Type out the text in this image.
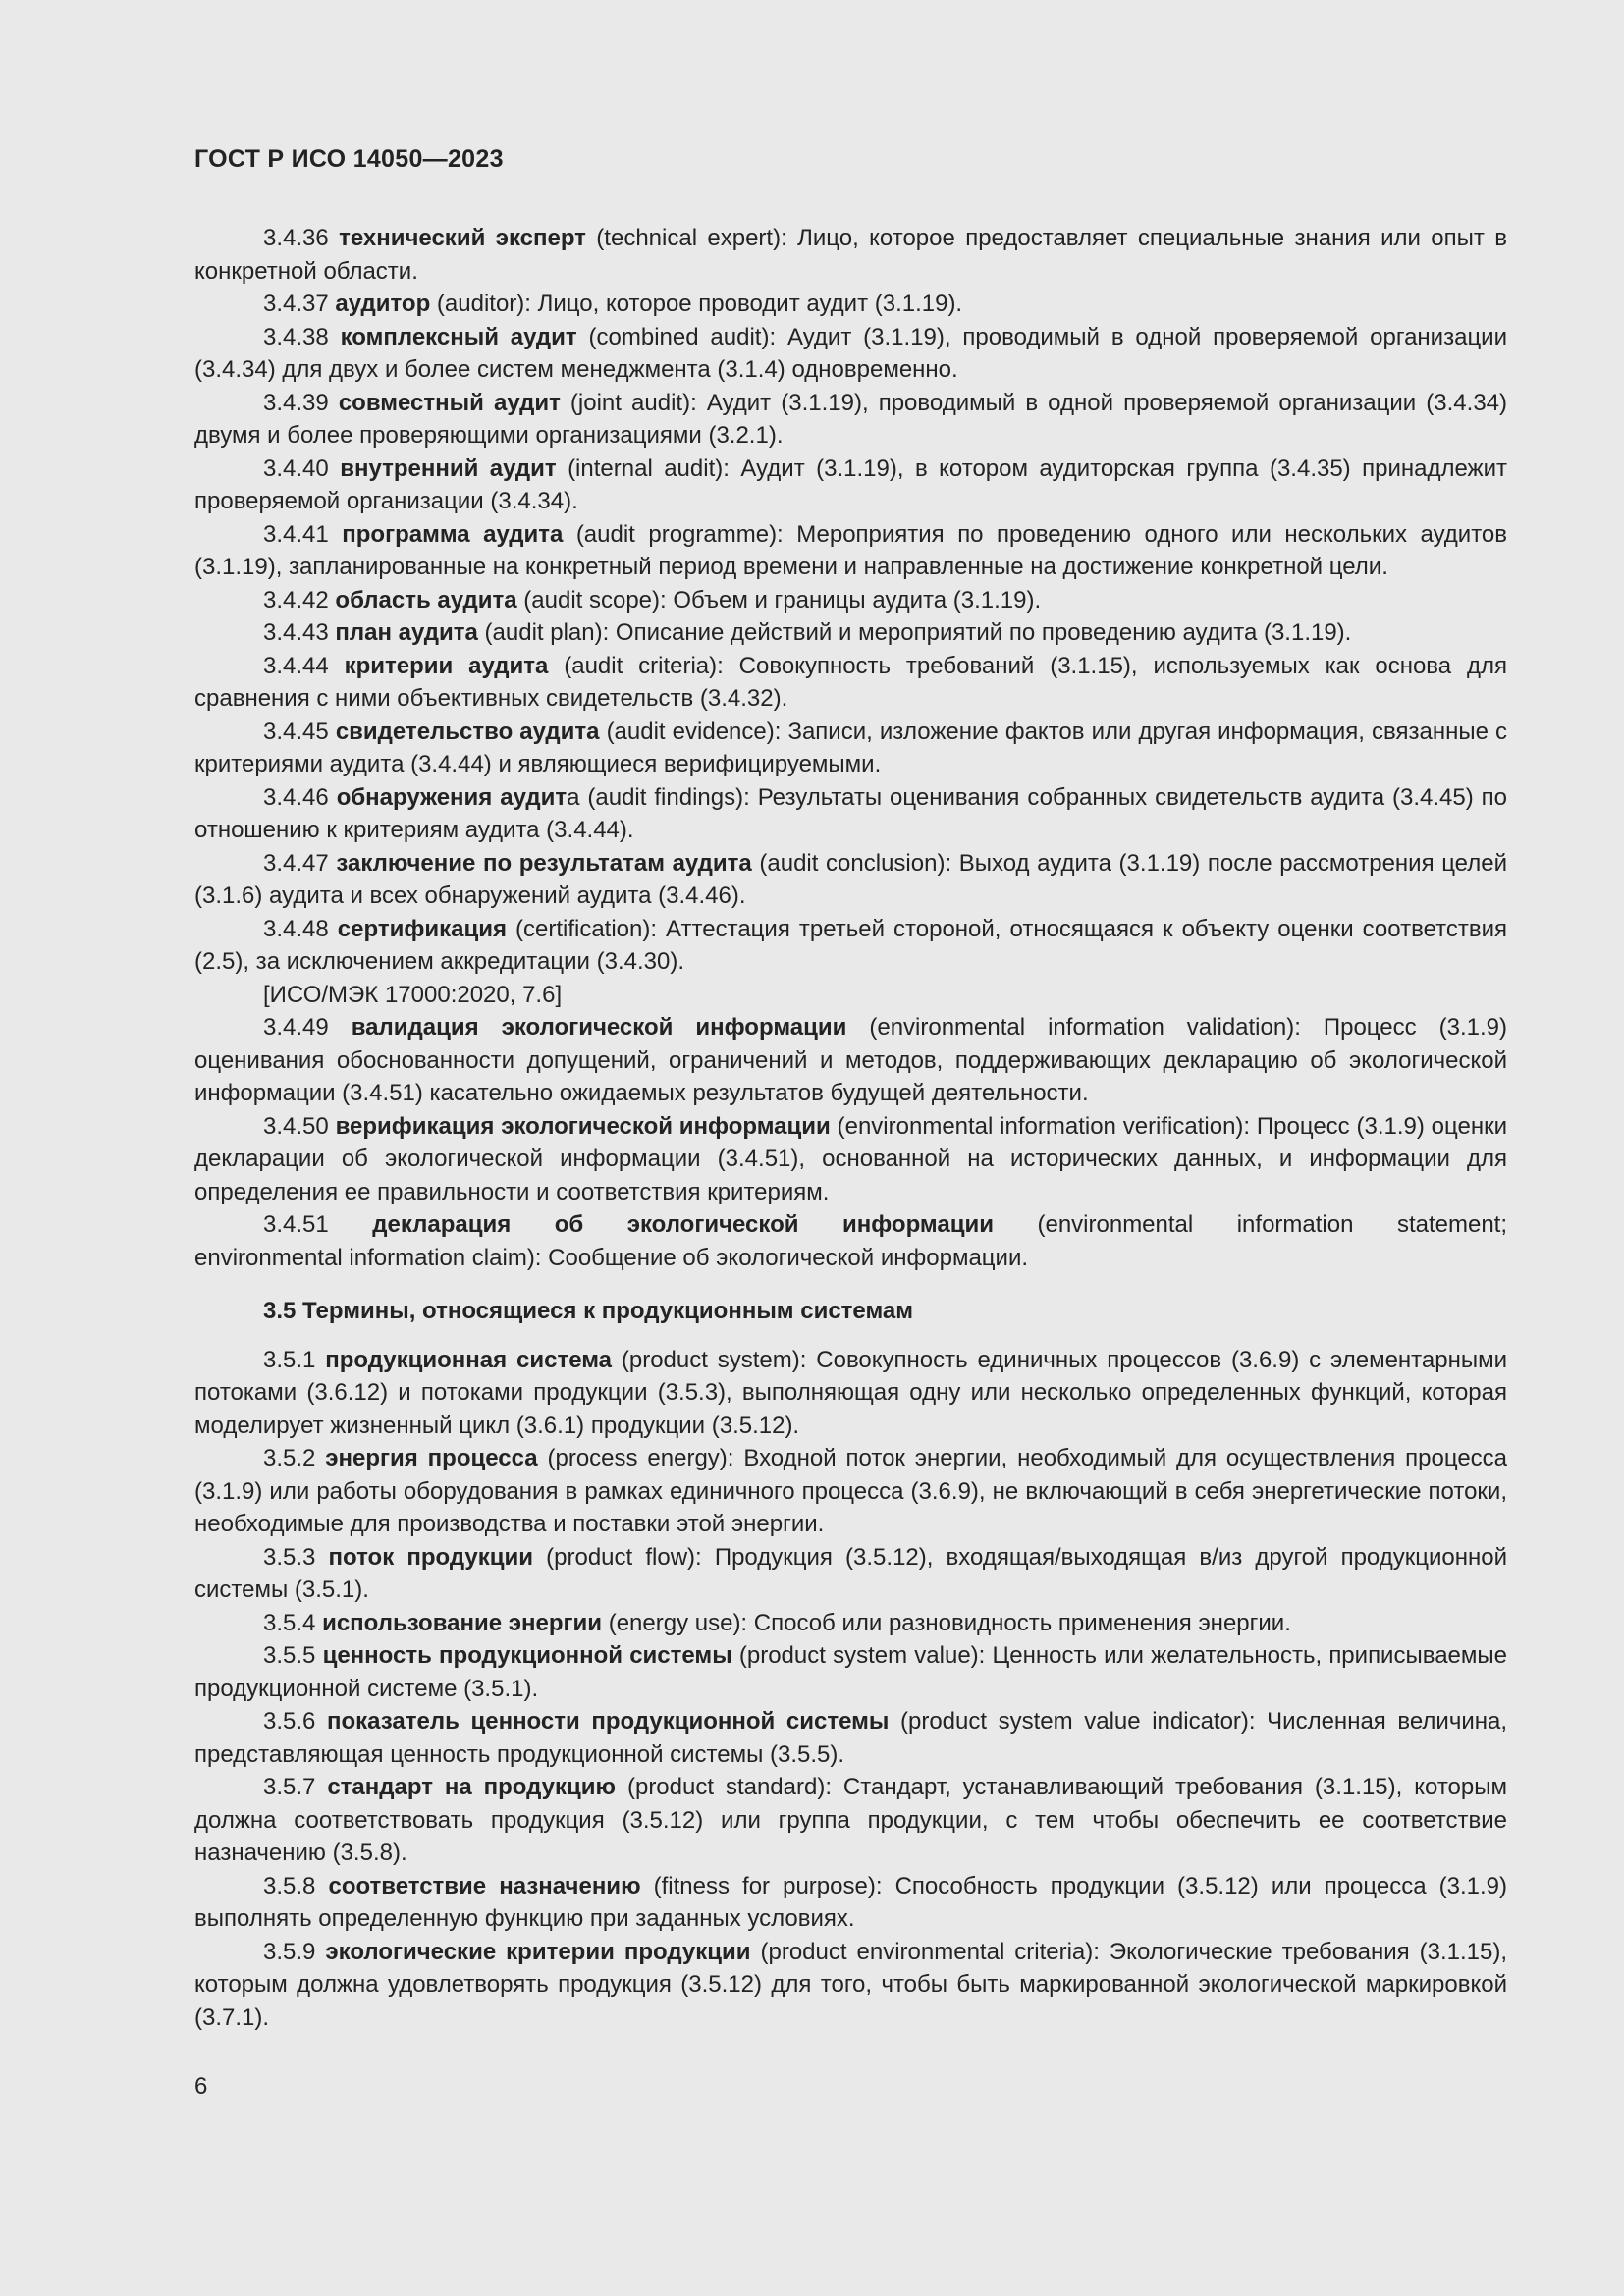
ГОСТ Р ИСО 14050—2023

3.4.36 технический эксперт (technical expert): Лицо, которое предоставляет специальные знания или опыт в конкретной области.

3.4.37 аудитор (auditor): Лицо, которое проводит аудит (3.1.19).

3.4.38 комплексный аудит (combined audit): Аудит (3.1.19), проводимый в одной проверяемой организации (3.4.34) для двух и более систем менеджмента (3.1.4) одновременно.

3.4.39 совместный аудит (joint audit): Аудит (3.1.19), проводимый в одной проверяемой организации (3.4.34) двумя и более проверяющими организациями (3.2.1).

3.4.40 внутренний аудит (internal audit): Аудит (3.1.19), в котором аудиторская группа (3.4.35) принадлежит проверяемой организации (3.4.34).

3.4.41 программа аудита (audit programme): Мероприятия по проведению одного или нескольких аудитов (3.1.19), запланированные на конкретный период времени и направленные на достижение конкретной цели.

3.4.42 область аудита (audit scope): Объем и границы аудита (3.1.19).

3.4.43 план аудита (audit plan): Описание действий и мероприятий по проведению аудита (3.1.19).

3.4.44 критерии аудита (audit criteria): Совокупность требований (3.1.15), используемых как основа для сравнения с ними объективных свидетельств (3.4.32).

3.4.45 свидетельство аудита (audit evidence): Записи, изложение фактов или другая информация, связанные с критериями аудита (3.4.44) и являющиеся верифицируемыми.

3.4.46 обнаружения аудита (audit findings): Результаты оценивания собранных свидетельств аудита (3.4.45) по отношению к критериям аудита (3.4.44).

3.4.47 заключение по результатам аудита (audit conclusion): Выход аудита (3.1.19) после рассмотрения целей (3.1.6) аудита и всех обнаружений аудита (3.4.46).

3.4.48 сертификация (certification): Аттестация третьей стороной, относящаяся к объекту оценки соответствия (2.5), за исключением аккредитации (3.4.30).

[ИСО/МЭК 17000:2020, 7.6]

3.4.49 валидация экологической информации (environmental information validation): Процесс (3.1.9) оценивания обоснованности допущений, ограничений и методов, поддерживающих декларацию об экологической информации (3.4.51) касательно ожидаемых результатов будущей деятельности.

3.4.50 верификация экологической информации (environmental information verification): Процесс (3.1.9) оценки декларации об экологической информации (3.4.51), основанной на исторических данных, и информации для определения ее правильности и соответствия критериям.

3.4.51 декларация об экологической информации (environmental information statement;
environmental information claim): Сообщение об экологической информации.

3.5 Термины, относящиеся к продукционным системам

3.5.1 продукционная система (product system): Совокупность единичных процессов (3.6.9) с элементарными потоками (3.6.12) и потоками продукции (3.5.3), выполняющая одну или несколько определенных функций, которая моделирует жизненный цикл (3.6.1) продукции (3.5.12).

3.5.2 энергия процесса (process energy): Входной поток энергии, необходимый для осуществления процесса (3.1.9) или работы оборудования в рамках единичного процесса (3.6.9), не включающий в себя энергетические потоки, необходимые для производства и поставки этой энергии.

3.5.3 поток продукции (product flow): Продукция (3.5.12), входящая/выходящая в/из другой продукционной системы (3.5.1).

3.5.4 использование энергии (energy use): Способ или разновидность применения энергии.

3.5.5 ценность продукционной системы (product system value): Ценность или желательность, приписываемые продукционной системе (3.5.1).

3.5.6 показатель ценности продукционной системы (product system value indicator): Численная величина, представляющая ценность продукционной системы (3.5.5).

3.5.7 стандарт на продукцию (product standard): Стандарт, устанавливающий требования (3.1.15), которым должна соответствовать продукция (3.5.12) или группа продукции, с тем чтобы обеспечить ее соответствие назначению (3.5.8).

3.5.8 соответствие назначению (fitness for purpose): Способность продукции (3.5.12) или процесса (3.1.9) выполнять определенную функцию при заданных условиях.

3.5.9 экологические критерии продукции (product environmental criteria): Экологические требования (3.1.15), которым должна удовлетворять продукция (3.5.12) для того, чтобы быть маркированной экологической маркировкой (3.7.1).

6
